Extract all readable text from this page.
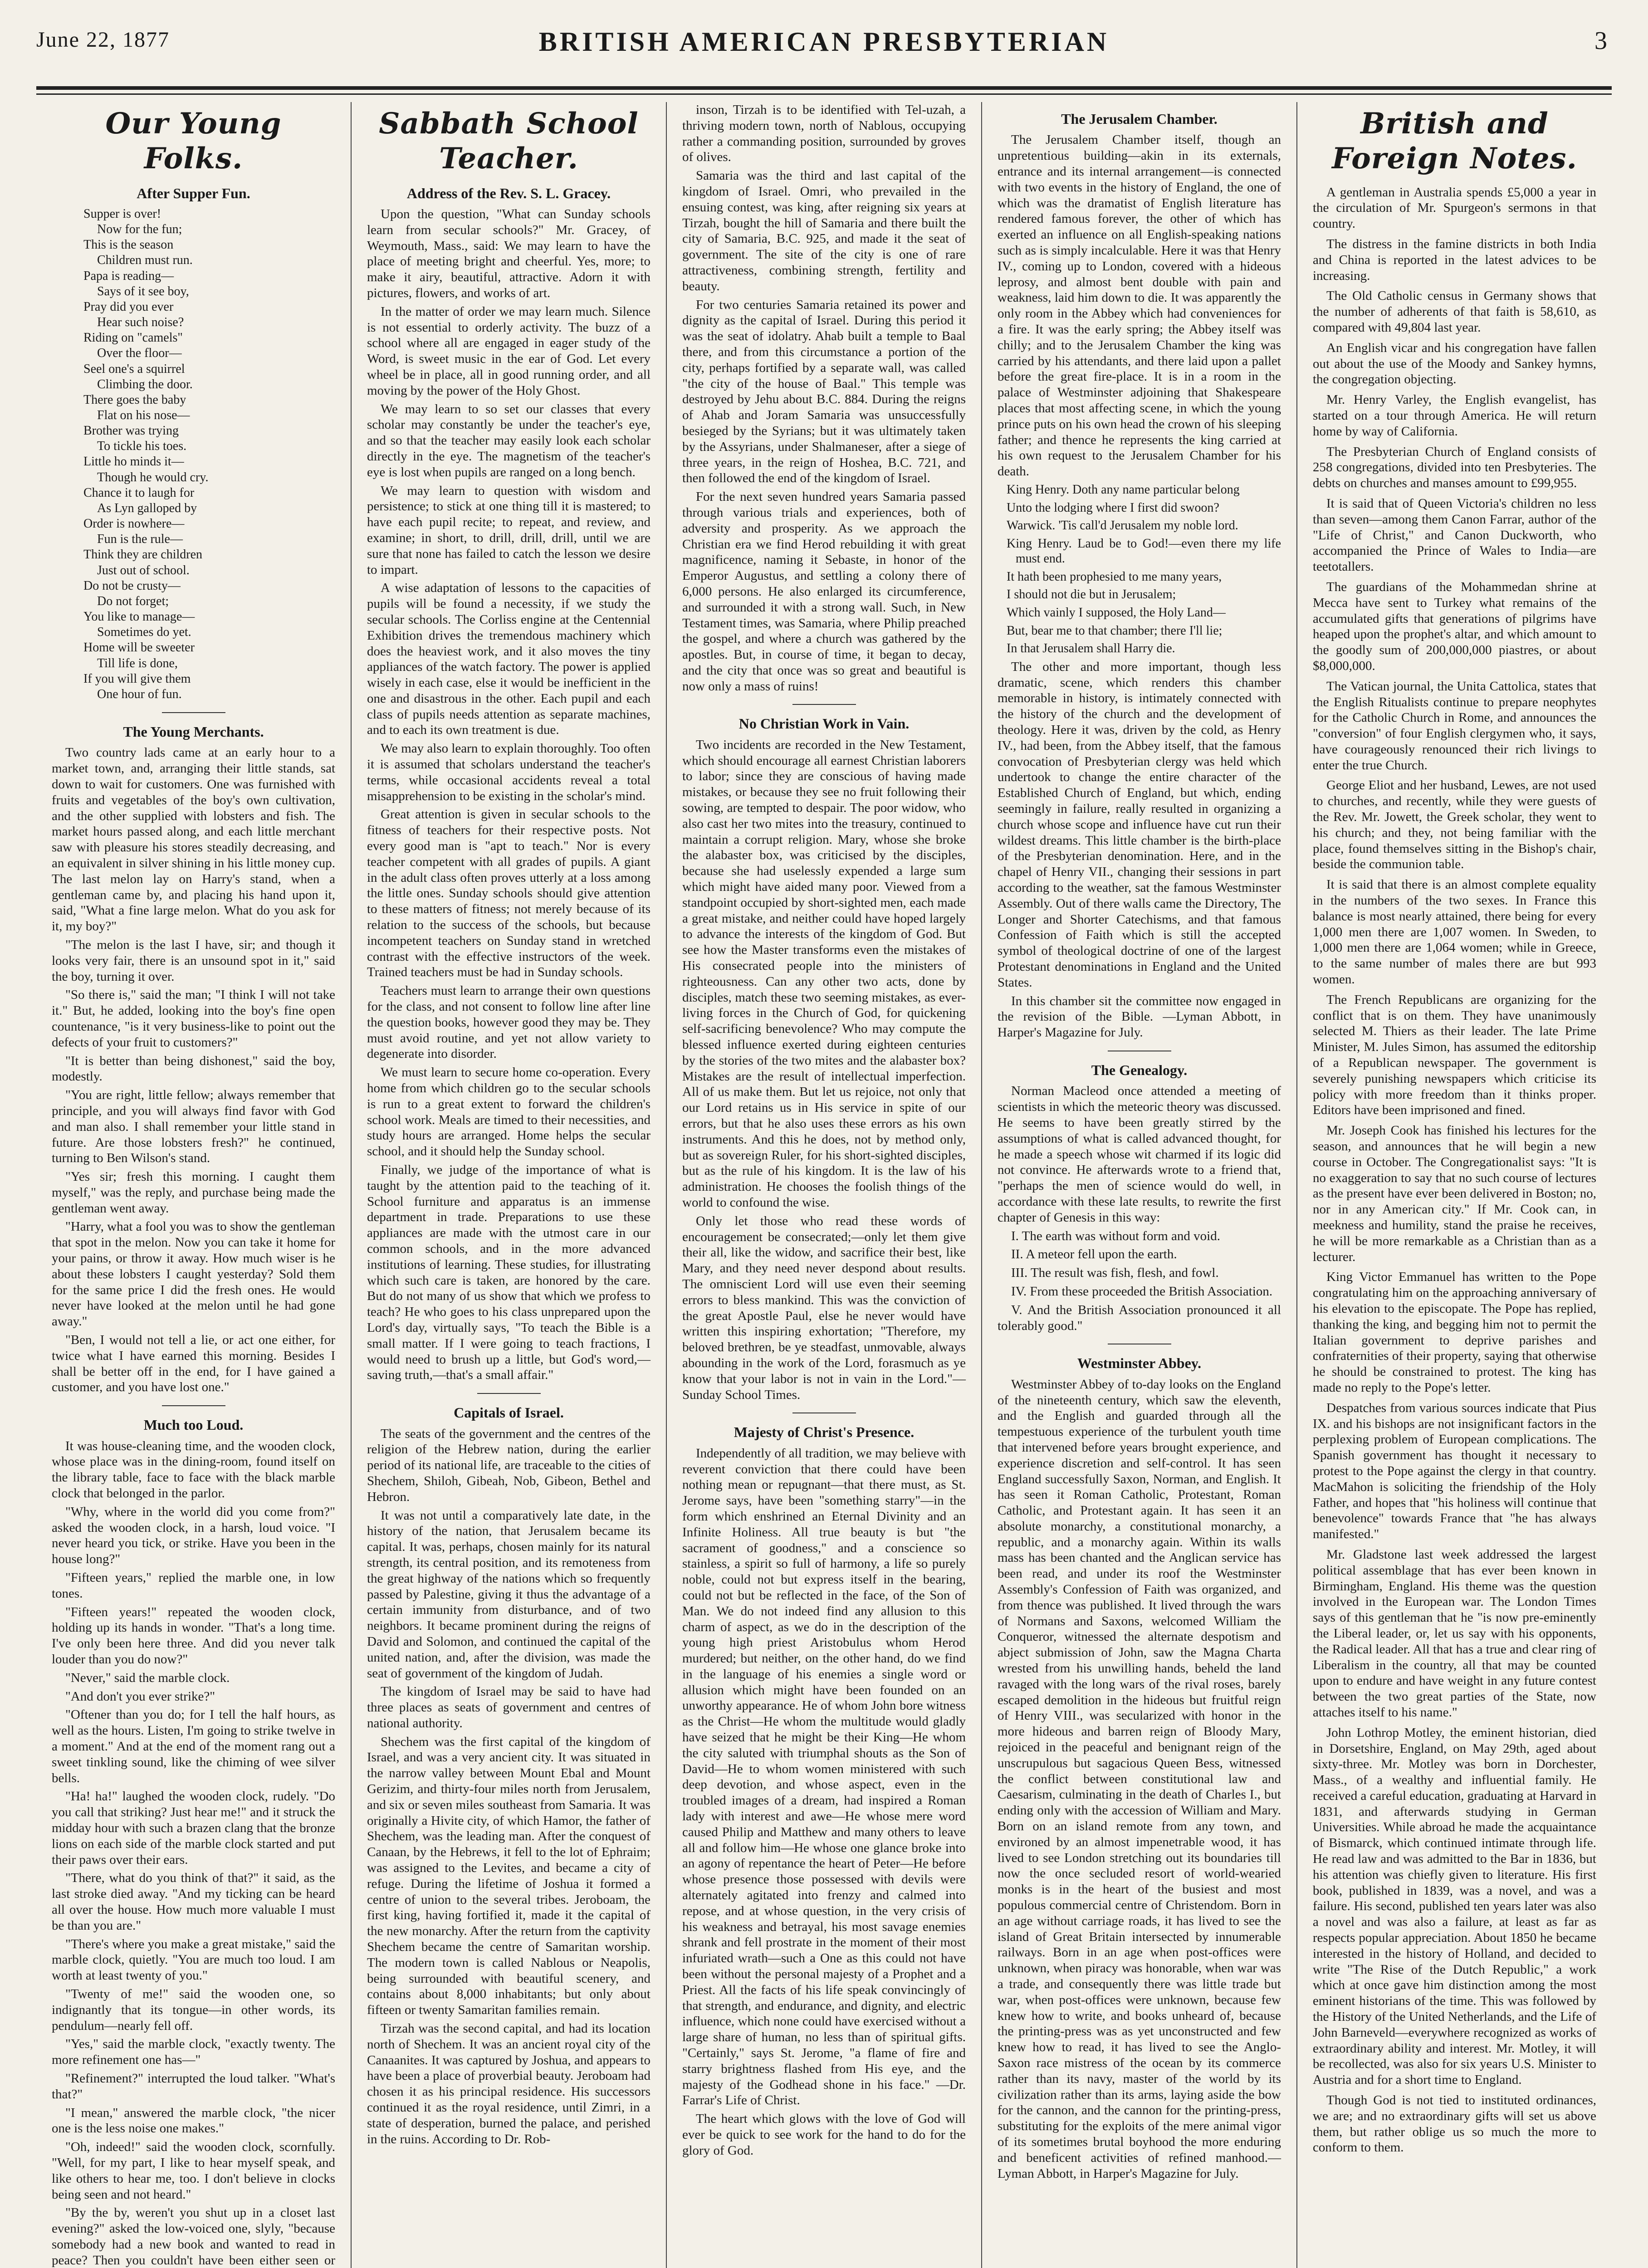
June 22, 1877	BRITISH AMERICAN PRESBYTERIAN	3
Our Young Folks.
After Supper Fun.
Supper is over!
Now for the fun;
This is the season
Children must run.
Papa is reading—
Says of it see boy,
Pray did you ever
Hear such noise?
Riding on "camels"
Over the floor—
Seel one's a squirrel
Climbing the door.
There goes the baby
Flat on his nose—
Brother was trying
To tickle his toes.
Little ho minds it—
Though he would cry.
Chance it to laugh for
As Lyn galloped by
Order is nowhere—
Fun is the rule—
Think they are children
Just out of school.
Do not be crusty—
Do not forget;
You like to manage—
Sometimes do yet.
Home will be sweeter
Till life is done,
If you will give them
One hour of fun.
The Young Merchants.

Two country lads came at an early hour to a market town, and, arranging their little stands, sat down to wait for customers. One was furnished with fruits and vegetables of the boy's own cultivation, and the other supplied with lobsters and fish. The market hours passed along, and each little merchant saw with pleasure his stores steadily decreasing, and an equivalent in silver shining in his little money cup. The last melon lay on Harry's stand, when a gentleman came by, and placing his hand upon it, said, "What a fine large melon. What do you ask for it, my boy?"

"The melon is the last I have, sir; and though it looks very fair, there is an unsound spot in it," said the boy, turning it over.

"So there is," said the man; "I think I will not take it." But, he added, looking into the boy's fine open countenance, "is it very business-like to point out the defects of your fruit to customers?"

"It is better than being dishonest," said the boy, modestly.

"You are right, little fellow; always remember that principle, and you will always find favor with God and man also. I shall remember your little stand in future. Are those lobsters fresh?" he continued, turning to Ben Wilson's stand.

"Yes sir; fresh this morning. I caught them myself," was the reply, and purchase being made the gentleman went away.

"Harry, what a fool you was to show the gentleman that spot in the melon. Now you can take it home for your pains, or throw it away. How much wiser is he about these lobsters I caught yesterday? Sold them for the same price I did the fresh ones. He would never have looked at the melon until he had gone away."

"Ben, I would not tell a lie, or act one either, for twice what I have earned this morning. Besides I shall be better off in the end, for I have gained a customer, and you have lost one."

Much too Loud.

It was house-cleaning time, and the wooden clock, whose place was in the dining-room, found itself on the library table, face to face with the black marble clock that belonged in the parlor.

"Why, where in the world did you come from?" asked the wooden clock, in a harsh, loud voice. "I never heard you tick, or strike. Have you been in the house long?"

"Fifteen years," replied the marble one, in low tones.

"Fifteen years!" repeated the wooden clock, holding up its hands in wonder. "That's a long time. I've only been here three. And did you never talk louder than you do now?"

"Never," said the marble clock.

"And don't you ever strike?"

"Oftener than you do; for I tell the half hours, as well as the hours. Listen, I'm going to strike twelve in a moment." And at the end of the moment rang out a sweet tinkling sound, like the chiming of wee silver bells.

"Ha! ha!" laughed the wooden clock, rudely. "Do you call that striking? Just hear me!" and it struck the midday hour with such a brazen clang that the bronze lions on each side of the marble clock started and put their paws over their ears.

"There, what do you think of that?" it said, as the last stroke died away. "And my ticking can be heard all over the house. How much more valuable I must be than you are."

"There's where you make a great mistake," said the marble clock, quietly. "You are much too loud. I am worth at least twenty of you."

"Twenty of me!" said the wooden one, so indignantly that its tongue—in other words, its pendulum—nearly fell off.

"Yes," said the marble clock, "exactly twenty. The more refinement one has—"

"Refinement?" interrupted the loud talker. "What's that?"

"I mean," answered the marble clock, "the nicer one is the less noise one makes."

"Oh, indeed!" said the wooden clock, scornfully. "Well, for my part, I like to hear myself speak, and like others to hear me, too. I don't believe in clocks being seen and not heard."

"By the by, weren't you shut up in a closet last evening?" asked the low-voiced one, slyly, "because somebody had a new book and wanted to read in peace? Then you couldn't have been either seen or

Sabbath School Teacher.
Address of the Rev. S. L. Gracey.

Upon the question, "What can Sunday schools learn from secular schools?" Mr. Gracey, of Weymouth, Mass., said: We may learn to have the place of meeting bright and cheerful. Yes, more; to make it airy, beautiful, attractive. Adorn it with pictures, flowers, and works of art.

In the matter of order we may learn much. Silence is not essential to orderly activity. The buzz of a school where all are engaged in eager study of the Word, is sweet music in the ear of God. Let every wheel be in place, all in good running order, and all moving by the power of the Holy Ghost.

We may learn to so set our classes that every scholar may constantly be under the teacher's eye, and so that the teacher may easily look each scholar directly in the eye. The magnetism of the teacher's eye is lost when pupils are ranged on a long bench.

We may learn to question with wisdom and persistence; to stick at one thing till it is mastered; to have each pupil recite; to repeat, and review, and examine; in short, to drill, drill, drill, until we are sure that none has failed to catch the lesson we desire to impart.

A wise adaptation of lessons to the capacities of pupils will be found a necessity, if we study the secular schools. The Corliss engine at the Centennial Exhibition drives the tremendous machinery which does the heaviest work, and it also moves the tiny appliances of the watch factory. The power is applied wisely in each case, else it would be inefficient in the one and disastrous in the other. Each pupil and each class of pupils needs attention as separate machines, and to each its own treatment is due.

We may also learn to explain thoroughly. Too often it is assumed that scholars understand the teacher's terms, while occasional accidents reveal a total misapprehension to be existing in the scholar's mind.

Great attention is given in secular schools to the fitness of teachers for their respective posts. Not every good man is "apt to teach." Nor is every teacher competent with all grades of pupils. A giant in the adult class often proves utterly at a loss among the little ones. Sunday schools should give attention to these matters of fitness; not merely because of its relation to the success of the schools, but because incompetent teachers on Sunday stand in wretched contrast with the effective instructors of the week. Trained teachers must be had in Sunday schools.

Teachers must learn to arrange their own questions for the class, and not consent to follow line after line the question books, however good they may be. They must avoid routine, and yet not allow variety to degenerate into disorder.

We must learn to secure home co-operation. Every home from which children go to the secular schools is run to a great extent to forward the children's school work. Meals are timed to their necessities, and study hours are arranged. Home helps the secular school, and it should help the Sunday school.

Finally, we judge of the importance of what is taught by the attention paid to the teaching of it. School furniture and apparatus is an immense department in trade. Preparations to use these appliances are made with the utmost care in our common schools, and in the more advanced institutions of learning. These studies, for illustrating which such care is taken, are honored by the care. But do not many of us show that which we profess to teach? He who goes to his class unprepared upon the Lord's day, virtually says, "To teach the Bible is a small matter. If I were going to teach fractions, I would need to brush up a little, but God's word,—saving truth,—that's a small affair."

Capitals of Israel.

The seats of the government and the centres of the religion of the Hebrew nation, during the earlier period of its national life, are traceable to the cities of Shechem, Shiloh, Gibeah, Nob, Gibeon, Bethel and Hebron.

It was not until a comparatively late date, in the history of the nation, that Jerusalem became its capital. It was, perhaps, chosen mainly for its natural strength, its central position, and its remoteness from the great highway of the nations which so frequently passed by Palestine, giving it thus the advantage of a certain immunity from disturbance, and of two neighbors. It became prominent during the reigns of David and Solomon, and continued the capital of the united nation, and, after the division, was made the seat of government of the kingdom of Judah.

The kingdom of Israel may be said to have had three places as seats of government and centres of national authority.

Shechem was the first capital of the kingdom of Israel, and was a very ancient city. It was situated in the narrow valley between Mount Ebal and Mount Gerizim, and thirty-four miles north from Jerusalem, and six or seven miles southeast from Samaria. It was originally a Hivite city, of which Hamor, the father of Shechem, was the leading man. After the conquest of Canaan, by the Hebrews, it fell to the lot of Ephraim; was assigned to the Levites, and became a city of refuge. During the lifetime of Joshua it formed a centre of union to the several tribes. Jeroboam, the first king, having fortified it, made it the capital of the new monarchy. After the return from the captivity Shechem became the centre of Samaritan worship. The modern town is called Nablous or Neapolis, being surrounded with beautiful scenery, and contains about 8,000 inhabitants; but only about fifteen or twenty Samaritan families remain.

Tirzah was the second capital, and had its location north of Shechem. It was an ancient royal city of the Canaanites. It was captured by Joshua, and appears to have been a place of proverbial beauty. Jeroboam had chosen it as his principal residence. His successors continued it as the royal residence, until Zimri, in a state of desperation, burned the palace, and perished in the ruins. According to Dr. Rob-

inson, Tirzah is to be identified with Tel-uzah, a thriving modern town, north of Nablous, occupying rather a commanding position, surrounded by groves of olives.

Samaria was the third and last capital of the kingdom of Israel. Omri, who prevailed in the ensuing contest, was king, after reigning six years at Tirzah, bought the hill of Samaria and there built the city of Samaria, B.C. 925, and made it the seat of government. The site of the city is one of rare attractiveness, combining strength, fertility and beauty.

For two centuries Samaria retained its power and dignity as the capital of Israel. During this period it was the seat of idolatry. Ahab built a temple to Baal there, and from this circumstance a portion of the city, perhaps fortified by a separate wall, was called "the city of the house of Baal." This temple was destroyed by Jehu about B.C. 884. During the reigns of Ahab and Joram Samaria was unsuccessfully besieged by the Syrians; but it was ultimately taken by the Assyrians, under Shalmaneser, after a siege of three years, in the reign of Hoshea, B.C. 721, and then followed the end of the kingdom of Israel.

For the next seven hundred years Samaria passed through various trials and experiences, both of adversity and prosperity. As we approach the Christian era we find Herod rebuilding it with great magnificence, naming it Sebaste, in honor of the Emperor Augustus, and settling a colony there of 6,000 persons. He also enlarged its circumference, and surrounded it with a strong wall. Such, in New Testament times, was Samaria, where Philip preached the gospel, and where a church was gathered by the apostles. But, in course of time, it began to decay, and the city that once was so great and beautiful is now only a mass of ruins!

No Christian Work in Vain.

Two incidents are recorded in the New Testament, which should encourage all earnest Christian laborers to labor; since they are conscious of having made mistakes, or because they see no fruit following their sowing, are tempted to despair. The poor widow, who also cast her two mites into the treasury, continued to maintain a corrupt religion. Mary, whose she broke the alabaster box, was criticised by the disciples, because she had uselessly expended a large sum which might have aided many poor. Viewed from a standpoint occupied by short-sighted men, each made a great mistake, and neither could have hoped largely to advance the interests of the kingdom of God. But see how the Master transforms even the mistakes of His consecrated people into the ministers of righteousness. Can any other two acts, done by disciples, match these two seeming mistakes, as ever-living forces in the Church of God, for quickening self-sacrificing benevolence? Who may compute the blessed influence exerted during eighteen centuries by the stories of the two mites and the alabaster box? Mistakes are the result of intellectual imperfection. All of us make them. But let us rejoice, not only that our Lord retains us in His service in spite of our errors, but that he also uses these errors as his own instruments. And this he does, not by method only, but as sovereign Ruler, for his short-sighted disciples, but as the rule of his kingdom. It is the law of his administration. He chooses the foolish things of the world to confound the wise.

Only let those who read these words of encouragement be consecrated;—only let them give their all, like the widow, and sacrifice their best, like Mary, and they need never despond about results. The omniscient Lord will use even their seeming errors to bless mankind. This was the conviction of the great Apostle Paul, else he never would have written this inspiring exhortation; "Therefore, my beloved brethren, be ye steadfast, unmovable, always abounding in the work of the Lord, forasmuch as ye know that your labor is not in vain in the Lord."—Sunday School Times.

Majesty of Christ's Presence.

Independently of all tradition, we may believe with reverent conviction that there could have been nothing mean or repugnant—that there must, as St. Jerome says, have been "something starry"—in the form which enshrined an Eternal Divinity and an Infinite Holiness. All true beauty is but "the sacrament of goodness," and a conscience so stainless, a spirit so full of harmony, a life so purely noble, could not but express itself in the bearing, could not but be reflected in the face, of the Son of Man. We do not indeed find any allusion to this charm of aspect, as we do in the description of the young high priest Aristobulus whom Herod murdered; but neither, on the other hand, do we find in the language of his enemies a single word or allusion which might have been founded on an unworthy appearance. He of whom John bore witness as the Christ—He whom the multitude would gladly have seized that he might be their King—He whom the city saluted with triumphal shouts as the Son of David—He to whom women ministered with such deep devotion, and whose aspect, even in the troubled images of a dream, had inspired a Roman lady with interest and awe—He whose mere word caused Philip and Matthew and many others to leave all and follow him—He whose one glance broke into an agony of repentance the heart of Peter—He before whose presence those possessed with devils were alternately agitated into frenzy and calmed into repose, and at whose question, in the very crisis of his weakness and betrayal, his most savage enemies shrank and fell prostrate in the moment of their most infuriated wrath—such a One as this could not have been without the personal majesty of a Prophet and a Priest. All the facts of his life speak convincingly of that strength, and endurance, and dignity, and electric influence, which none could have exercised without a large share of human, no less than of spiritual gifts. "Certainly," says St. Jerome, "a flame of fire and starry brightness flashed from His eye, and the majesty of the Godhead shone in his face." —Dr. Farrar's Life of Christ.

The heart which glows with the love of God will ever be quick to see work for the hand to do for the glory of God.

The Jerusalem Chamber.

The Jerusalem Chamber itself, though an unpretentious building—akin in its externals, entrance and its internal arrangement—is connected with two events in the history of England, the one of which was the dramatist of English literature has rendered famous forever, the other of which has exerted an influence on all English-speaking nations such as is simply incalculable. Here it was that Henry IV., coming up to London, covered with a hideous leprosy, and almost bent double with pain and weakness, laid him down to die. It was apparently the only room in the Abbey which had conveniences for a fire. It was the early spring; the Abbey itself was chilly; and to the Jerusalem Chamber the king was carried by his attendants, and there laid upon a pallet before the great fire-place. It is in a room in the palace of Westminster adjoining that Shakespeare places that most affecting scene, in which the young prince puts on his own head the crown of his sleeping father; and thence he represents the king carried at his own request to the Jerusalem Chamber for his death.

King Henry. Doth any name particular belong

Unto the lodging where I first did swoon?

Warwick. 'Tis call'd Jerusalem my noble lord.

King Henry. Laud be to God!—even there my life must end.

It hath been prophesied to me many years,

I should not die but in Jerusalem;

Which vainly I supposed, the Holy Land—

But, bear me to that chamber; there I'll lie;

In that Jerusalem shall Harry die.

The other and more important, though less dramatic, scene, which renders this chamber memorable in history, is intimately connected with the history of the church and the development of theology. Here it was, driven by the cold, as Henry IV., had been, from the Abbey itself, that the famous convocation of Presbyterian clergy was held which undertook to change the entire character of the Established Church of England, but which, ending seemingly in failure, really resulted in organizing a church whose scope and influence have cut run their wildest dreams. This little chamber is the birth-place of the Presbyterian denomination. Here, and in the chapel of Henry VII., changing their sessions in part according to the weather, sat the famous Westminster Assembly. Out of there walls came the Directory, The Longer and Shorter Catechisms, and that famous Confession of Faith which is still the accepted symbol of theological doctrine of one of the largest Protestant denominations in England and the United States.

In this chamber sit the committee now engaged in the revision of the Bible. —Lyman Abbott, in Harper's Magazine for July.

The Genealogy.

Norman Macleod once attended a meeting of scientists in which the meteoric theory was discussed. He seems to have been greatly stirred by the assumptions of what is called advanced thought, for he made a speech whose wit charmed if its logic did not convince. He afterwards wrote to a friend that, "perhaps the men of science would do well, in accordance with these late results, to rewrite the first chapter of Genesis in this way:

I. The earth was without form and void.

II. A meteor fell upon the earth.

III. The result was fish, flesh, and fowl.

IV. From these proceeded the British Association.

V. And the British Association pronounced it all tolerably good."

Westminster Abbey.

Westminster Abbey of to-day looks on the England of the nineteenth century, which saw the eleventh, and the English and guarded through all the tempestuous experience of the turbulent youth time that intervened before years brought experience, and experience discretion and self-control. It has seen England successfully Saxon, Norman, and English. It has seen it Roman Catholic, Protestant, Roman Catholic, and Protestant again. It has seen it an absolute monarchy, a constitutional monarchy, a republic, and a monarchy again. Within its walls mass has been chanted and the Anglican service has been read, and under its roof the Westminster Assembly's Confession of Faith was organized, and from thence was published. It lived through the wars of Normans and Saxons, welcomed William the Conqueror, witnessed the alternate despotism and abject submission of John, saw the Magna Charta wrested from his unwilling hands, beheld the land ravaged with the long wars of the rival roses, barely escaped demolition in the hideous but fruitful reign of Henry VIII., was secularized with honor in the more hideous and barren reign of Bloody Mary, rejoiced in the peaceful and benignant reign of the unscrupulous but sagacious Queen Bess, witnessed the conflict between constitutional law and Caesarism, culminating in the death of Charles I., but ending only with the accession of William and Mary. Born on an island remote from any town, and environed by an almost impenetrable wood, it has lived to see London stretching out its boundaries till now the once secluded resort of world-wearied monks is in the heart of the busiest and most populous commercial centre of Christendom. Born in an age without carriage roads, it has lived to see the island of Great Britain intersected by innumerable railways. Born in an age when post-offices were unknown, when piracy was honorable, when war was a trade, and consequently there was little trade but war, when post-offices were unknown, because few knew how to write, and books unheard of, because the printing-press was as yet unconstructed and few knew how to read, it has lived to see the Anglo-Saxon race mistress of the ocean by its commerce rather than its navy, master of the world by its civilization rather than its arms, laying aside the bow for the cannon, and the cannon for the printing-press, substituting for the exploits of the mere animal vigor of its sometimes brutal boyhood the more enduring and beneficent activities of refined manhood.—Lyman Abbott, in Harper's Magazine for July.

British and Foreign Notes.

A gentleman in Australia spends £5,000 a year in the circulation of Mr. Spurgeon's sermons in that country.

The distress in the famine districts in both India and China is reported in the latest advices to be increasing.

The Old Catholic census in Germany shows that the number of adherents of that faith is 58,610, as compared with 49,804 last year.

An English vicar and his congregation have fallen out about the use of the Moody and Sankey hymns, the congregation objecting.

Mr. Henry Varley, the English evangelist, has started on a tour through America. He will return home by way of California.

The Presbyterian Church of England consists of 258 congregations, divided into ten Presbyteries. The debts on churches and manses amount to £99,955.

It is said that of Queen Victoria's children no less than seven—among them Canon Farrar, author of the "Life of Christ," and Canon Duckworth, who accompanied the Prince of Wales to India—are teetotallers.

The guardians of the Mohammedan shrine at Mecca have sent to Turkey what remains of the accumulated gifts that generations of pilgrims have heaped upon the prophet's altar, and which amount to the goodly sum of 200,000,000 piastres, or about $8,000,000.

The Vatican journal, the Unita Cattolica, states that the English Ritualists continue to prepare neophytes for the Catholic Church in Rome, and announces the "conversion" of four English clergymen who, it says, have courageously renounced their rich livings to enter the true Church.

George Eliot and her husband, Lewes, are not used to churches, and recently, while they were guests of the Rev. Mr. Jowett, the Greek scholar, they went to his church; and they, not being familiar with the place, found themselves sitting in the Bishop's chair, beside the communion table.

It is said that there is an almost complete equality in the numbers of the two sexes. In France this balance is most nearly attained, there being for every 1,000 men there are 1,007 women. In Sweden, to 1,000 men there are 1,064 women; while in Greece, to the same number of males there are but 993 women.

The French Republicans are organizing for the conflict that is on them. They have unanimously selected M. Thiers as their leader. The late Prime Minister, M. Jules Simon, has assumed the editorship of a Republican newspaper. The government is severely punishing newspapers which criticise its policy with more freedom than it thinks proper. Editors have been imprisoned and fined.

Mr. Joseph Cook has finished his lectures for the season, and announces that he will begin a new course in October. The Congregationalist says: "It is no exaggeration to say that no such course of lectures as the present have ever been delivered in Boston; no, nor in any American city." If Mr. Cook can, in meekness and humility, stand the praise he receives, he will be more remarkable as a Christian than as a lecturer.

King Victor Emmanuel has written to the Pope congratulating him on the approaching anniversary of his elevation to the episcopate. The Pope has replied, thanking the king, and begging him not to permit the Italian government to deprive parishes and confraternities of their property, saying that otherwise he should be constrained to protest. The king has made no reply to the Pope's letter.

Despatches from various sources indicate that Pius IX. and his bishops are not insignificant factors in the perplexing problem of European complications. The Spanish government has thought it necessary to protest to the Pope against the clergy in that country. MacMahon is soliciting the friendship of the Holy Father, and hopes that "his holiness will continue that benevolence" towards France that "he has always manifested."

Mr. Gladstone last week addressed the largest political assemblage that has ever been known in Birmingham, England. His theme was the question involved in the European war. The London Times says of this gentleman that he "is now pre-eminently the Liberal leader, or, let us say with his opponents, the Radical leader. All that has a true and clear ring of Liberalism in the country, all that may be counted upon to endure and have weight in any future contest between the two great parties of the State, now attaches itself to his name."

John Lothrop Motley, the eminent historian, died in Dorsetshire, England, on May 29th, aged about sixty-three. Mr. Motley was born in Dorchester, Mass., of a wealthy and influential family. He received a careful education, graduating at Harvard in 1831, and afterwards studying in German Universities. While abroad he made the acquaintance of Bismarck, which continued intimate through life. He read law and was admitted to the Bar in 1836, but his attention was chiefly given to literature. His first book, published in 1839, was a novel, and was a failure. His second, published ten years later was also a novel and was also a failure, at least as far as respects popular appreciation. About 1850 he became interested in the history of Holland, and decided to write "The Rise of the Dutch Republic," a work which at once gave him distinction among the most eminent historians of the time. This was followed by the History of the United Netherlands, and the Life of John Barneveld—everywhere recognized as works of extraordinary ability and interest. Mr. Motley, it will be recollected, was also for six years U.S. Minister to Austria and for a short time to England.

Though God is not tied to instituted ordinances, we are; and no extraordinary gifts will set us above them, but rather oblige us so much the more to conform to them.
